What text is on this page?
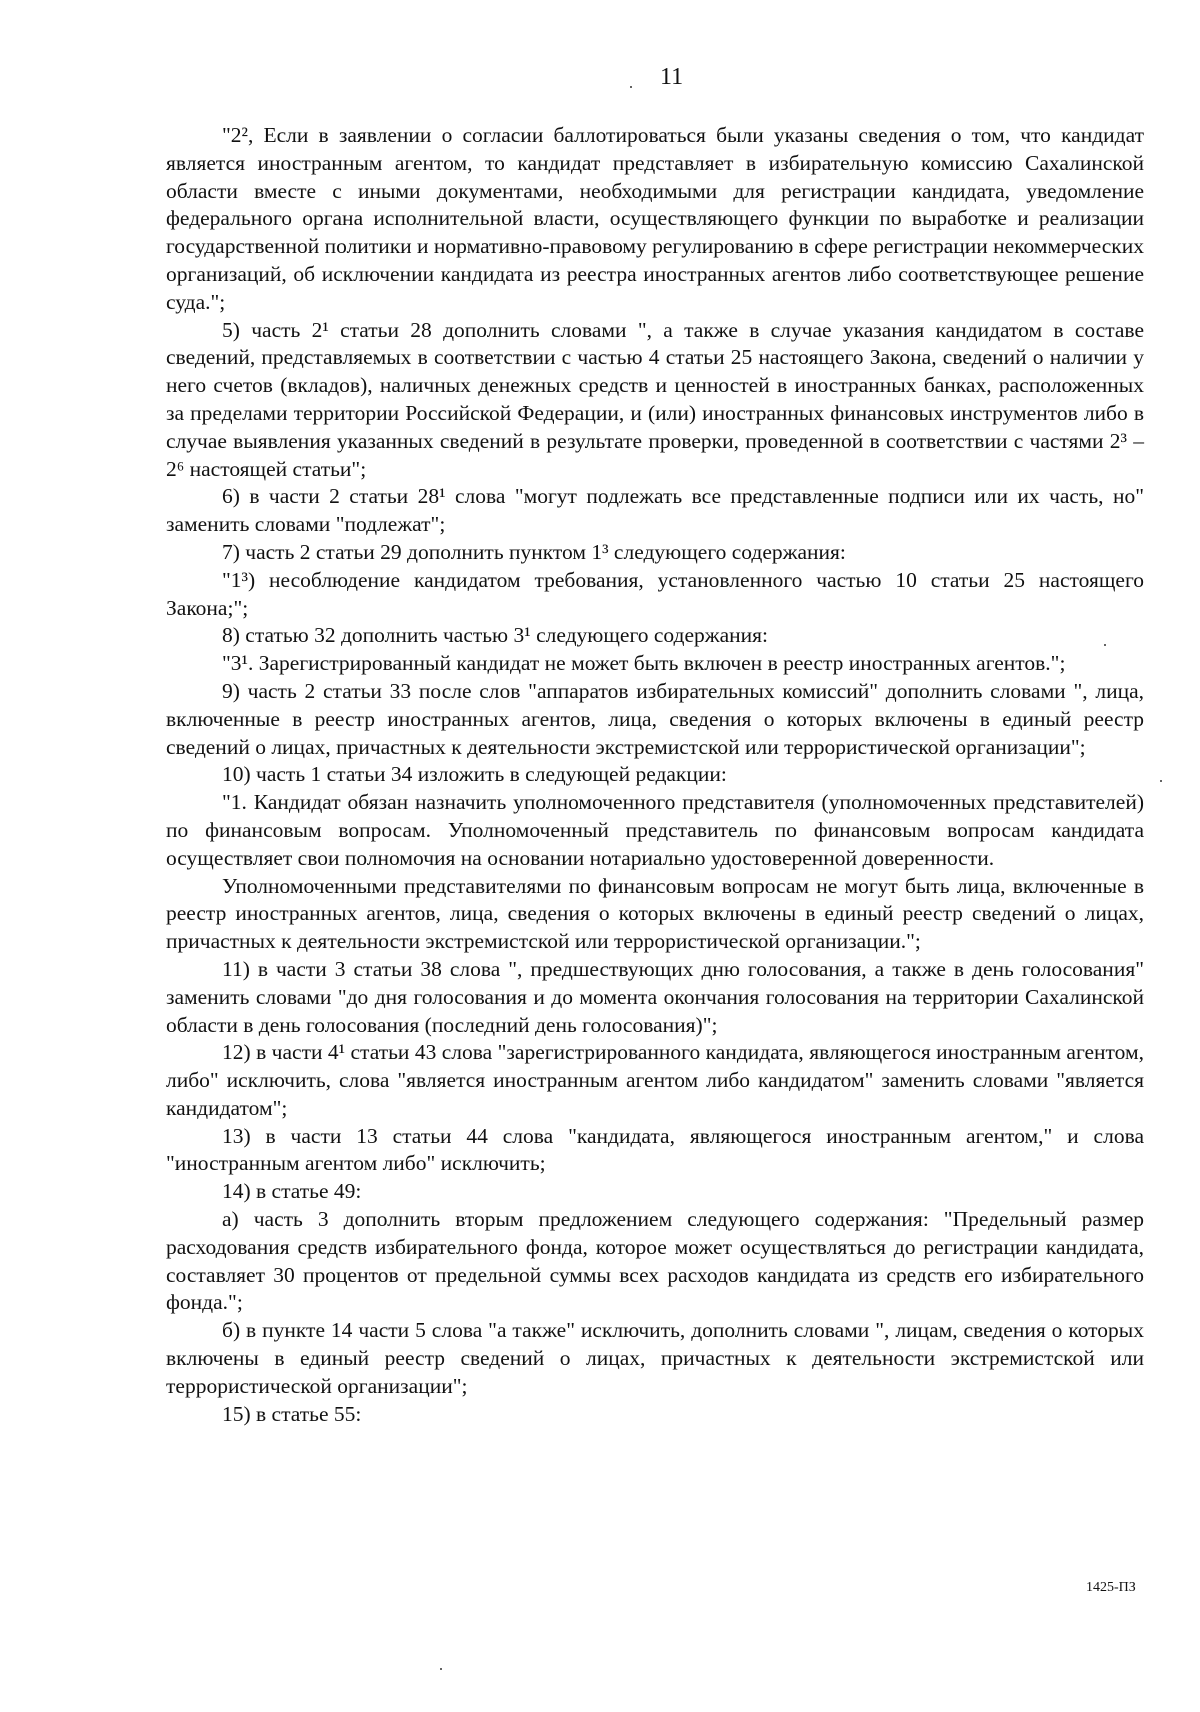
11

"2², Если в заявлении о согласии баллотироваться были указаны сведения о том, что кандидат является иностранным агентом, то кандидат представляет в избирательную комиссию Сахалинской области вместе с иными документами, необходимыми для регистрации кандидата, уведомление федерального органа исполнительной власти, осуществляющего функции по выработке и реализации государственной политики и нормативно-правовому регулированию в сфере регистрации некоммерческих организаций, об исключении кандидата из реестра иностранных агентов либо соответствующее решение суда.";

5) часть 2¹ статьи 28 дополнить словами ", а также в случае указания кандидатом в составе сведений, представляемых в соответствии с частью 4 статьи 25 настоящего Закона, сведений о наличии у него счетов (вкладов), наличных денежных средств и ценностей в иностранных банках, расположенных за пределами территории Российской Федерации, и (или) иностранных финансовых инструментов либо в случае выявления указанных сведений в результате проверки, проведенной в соответствии с частями 2³ – 2⁶ настоящей статьи";

6) в части 2 статьи 28¹ слова "могут подлежать все представленные подписи или их часть, но" заменить словами "подлежат";

7) часть 2 статьи 29 дополнить пунктом 1³ следующего содержания:

"1³) несоблюдение кандидатом требования, установленного частью 10 статьи 25 настоящего Закона;";

8) статью 32 дополнить частью 3¹ следующего содержания:

"3¹. Зарегистрированный кандидат не может быть включен в реестр иностранных агентов.";

9) часть 2 статьи 33 после слов "аппаратов избирательных комиссий" дополнить словами ", лица, включенные в реестр иностранных агентов, лица, сведения о которых включены в единый реестр сведений о лицах, причастных к деятельности экстремистской или террористической организации";

10) часть 1 статьи 34 изложить в следующей редакции:

"1. Кандидат обязан назначить уполномоченного представителя (уполномоченных представителей) по финансовым вопросам. Уполномоченный представитель по финансовым вопросам кандидата осуществляет свои полномочия на основании нотариально удостоверенной доверенности.

Уполномоченными представителями по финансовым вопросам не могут быть лица, включенные в реестр иностранных агентов, лица, сведения о которых включены в единый реестр сведений о лицах, причастных к деятельности экстремистской или террористической организации.";

11) в части 3 статьи 38 слова ", предшествующих дню голосования, а также в день голосования" заменить словами "до дня голосования и до момента окончания голосования на территории Сахалинской области в день голосования (последний день голосования)";

12) в части 4¹ статьи 43 слова "зарегистрированного кандидата, являющегося иностранным агентом, либо" исключить, слова "является иностранным агентом либо кандидатом" заменить словами "является кандидатом";

13) в части 13 статьи 44 слова "кандидата, являющегося иностранным агентом," и слова "иностранным агентом либо" исключить;

14) в статье 49:

а) часть 3 дополнить вторым предложением следующего содержания: "Предельный размер расходования средств избирательного фонда, которое может осуществляться до регистрации кандидата, составляет 30 процентов от предельной суммы всех расходов кандидата из средств его избирательного фонда.";

б) в пункте 14 части 5 слова "а также" исключить, дополнить словами ", лицам, сведения о которых включены в единый реестр сведений о лицах, причастных к деятельности экстремистской или террористической организации";

15) в статье 55:

1425-ПЗ
